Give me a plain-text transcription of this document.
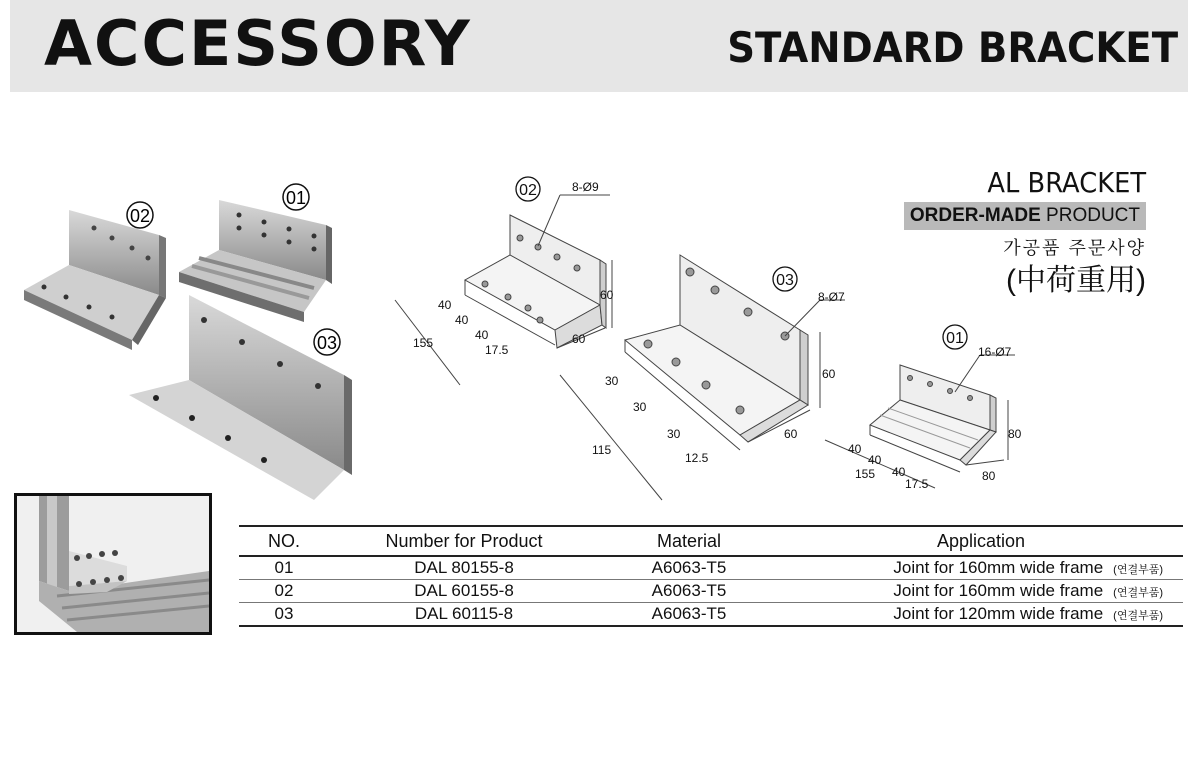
ACCESSORY	STANDARD BRACKET
02
01
03
02	8-Ø9
40
40
40
155	17.5
60
60
03
8-Ø7
30
30
30
115
12.5
60
60
01
16-Ø7
40
40
40
155
17.5
80
80
AL BRACKET
ORDER-MADE PRODUCT
가공품 주문사양
(中荷重用)
NO.	Number for Product	Material	Application
01	DAL 80155-8	A6063-T5	Joint for 160mm wide frame (연결부품)
02	DAL 60155-8	A6063-T5	Joint for 160mm wide frame (연결부품)
03	DAL 60115-8	A6063-T5	Joint for 120mm wide frame (연결부품)
